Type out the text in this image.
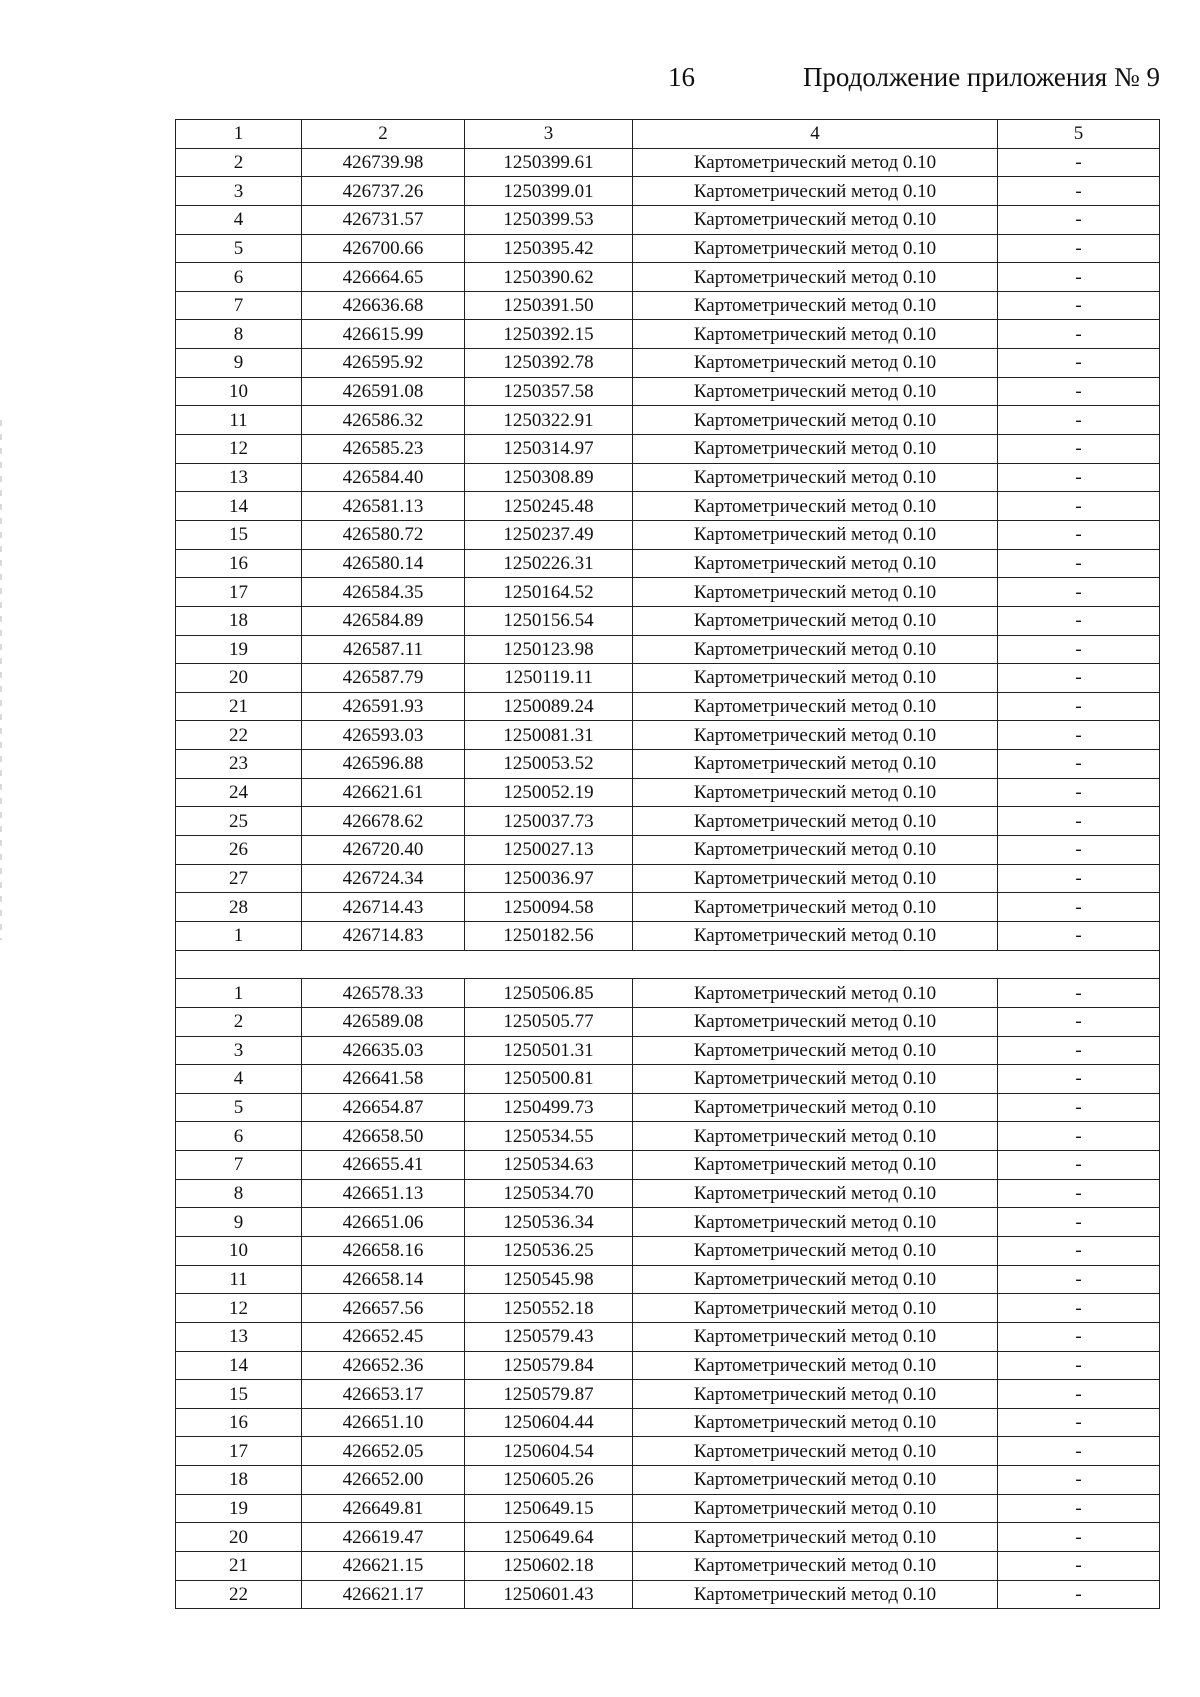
16	Продолжение приложения № 9
1	2	3	4	5
2	426739.98	1250399.61	Картометрический метод 0.10	-
3	426737.26	1250399.01	Картометрический метод 0.10	-
4	426731.57	1250399.53	Картометрический метод 0.10	-
5	426700.66	1250395.42	Картометрический метод 0.10	-
6	426664.65	1250390.62	Картометрический метод 0.10	-
7	426636.68	1250391.50	Картометрический метод 0.10	-
8	426615.99	1250392.15	Картометрический метод 0.10	-
9	426595.92	1250392.78	Картометрический метод 0.10	-
10	426591.08	1250357.58	Картометрический метод 0.10	-
11	426586.32	1250322.91	Картометрический метод 0.10	-
12	426585.23	1250314.97	Картометрический метод 0.10	-
13	426584.40	1250308.89	Картометрический метод 0.10	-
14	426581.13	1250245.48	Картометрический метод 0.10	-
15	426580.72	1250237.49	Картометрический метод 0.10	-
16	426580.14	1250226.31	Картометрический метод 0.10	-
17	426584.35	1250164.52	Картометрический метод 0.10	-
18	426584.89	1250156.54	Картометрический метод 0.10	-
19	426587.11	1250123.98	Картометрический метод 0.10	-
20	426587.79	1250119.11	Картометрический метод 0.10	-
21	426591.93	1250089.24	Картометрический метод 0.10	-
22	426593.03	1250081.31	Картометрический метод 0.10	-
23	426596.88	1250053.52	Картометрический метод 0.10	-
24	426621.61	1250052.19	Картометрический метод 0.10	-
25	426678.62	1250037.73	Картометрический метод 0.10	-
26	426720.40	1250027.13	Картометрический метод 0.10	-
27	426724.34	1250036.97	Картометрический метод 0.10	-
28	426714.43	1250094.58	Картометрический метод 0.10	-
1	426714.83	1250182.56	Картометрический метод 0.10	-

1	426578.33	1250506.85	Картометрический метод 0.10	-
2	426589.08	1250505.77	Картометрический метод 0.10	-
3	426635.03	1250501.31	Картометрический метод 0.10	-
4	426641.58	1250500.81	Картометрический метод 0.10	-
5	426654.87	1250499.73	Картометрический метод 0.10	-
6	426658.50	1250534.55	Картометрический метод 0.10	-
7	426655.41	1250534.63	Картометрический метод 0.10	-
8	426651.13	1250534.70	Картометрический метод 0.10	-
9	426651.06	1250536.34	Картометрический метод 0.10	-
10	426658.16	1250536.25	Картометрический метод 0.10	-
11	426658.14	1250545.98	Картометрический метод 0.10	-
12	426657.56	1250552.18	Картометрический метод 0.10	-
13	426652.45	1250579.43	Картометрический метод 0.10	-
14	426652.36	1250579.84	Картометрический метод 0.10	-
15	426653.17	1250579.87	Картометрический метод 0.10	-
16	426651.10	1250604.44	Картометрический метод 0.10	-
17	426652.05	1250604.54	Картометрический метод 0.10	-
18	426652.00	1250605.26	Картометрический метод 0.10	-
19	426649.81	1250649.15	Картометрический метод 0.10	-
20	426619.47	1250649.64	Картометрический метод 0.10	-
21	426621.15	1250602.18	Картометрический метод 0.10	-
22	426621.17	1250601.43	Картометрический метод 0.10	-
